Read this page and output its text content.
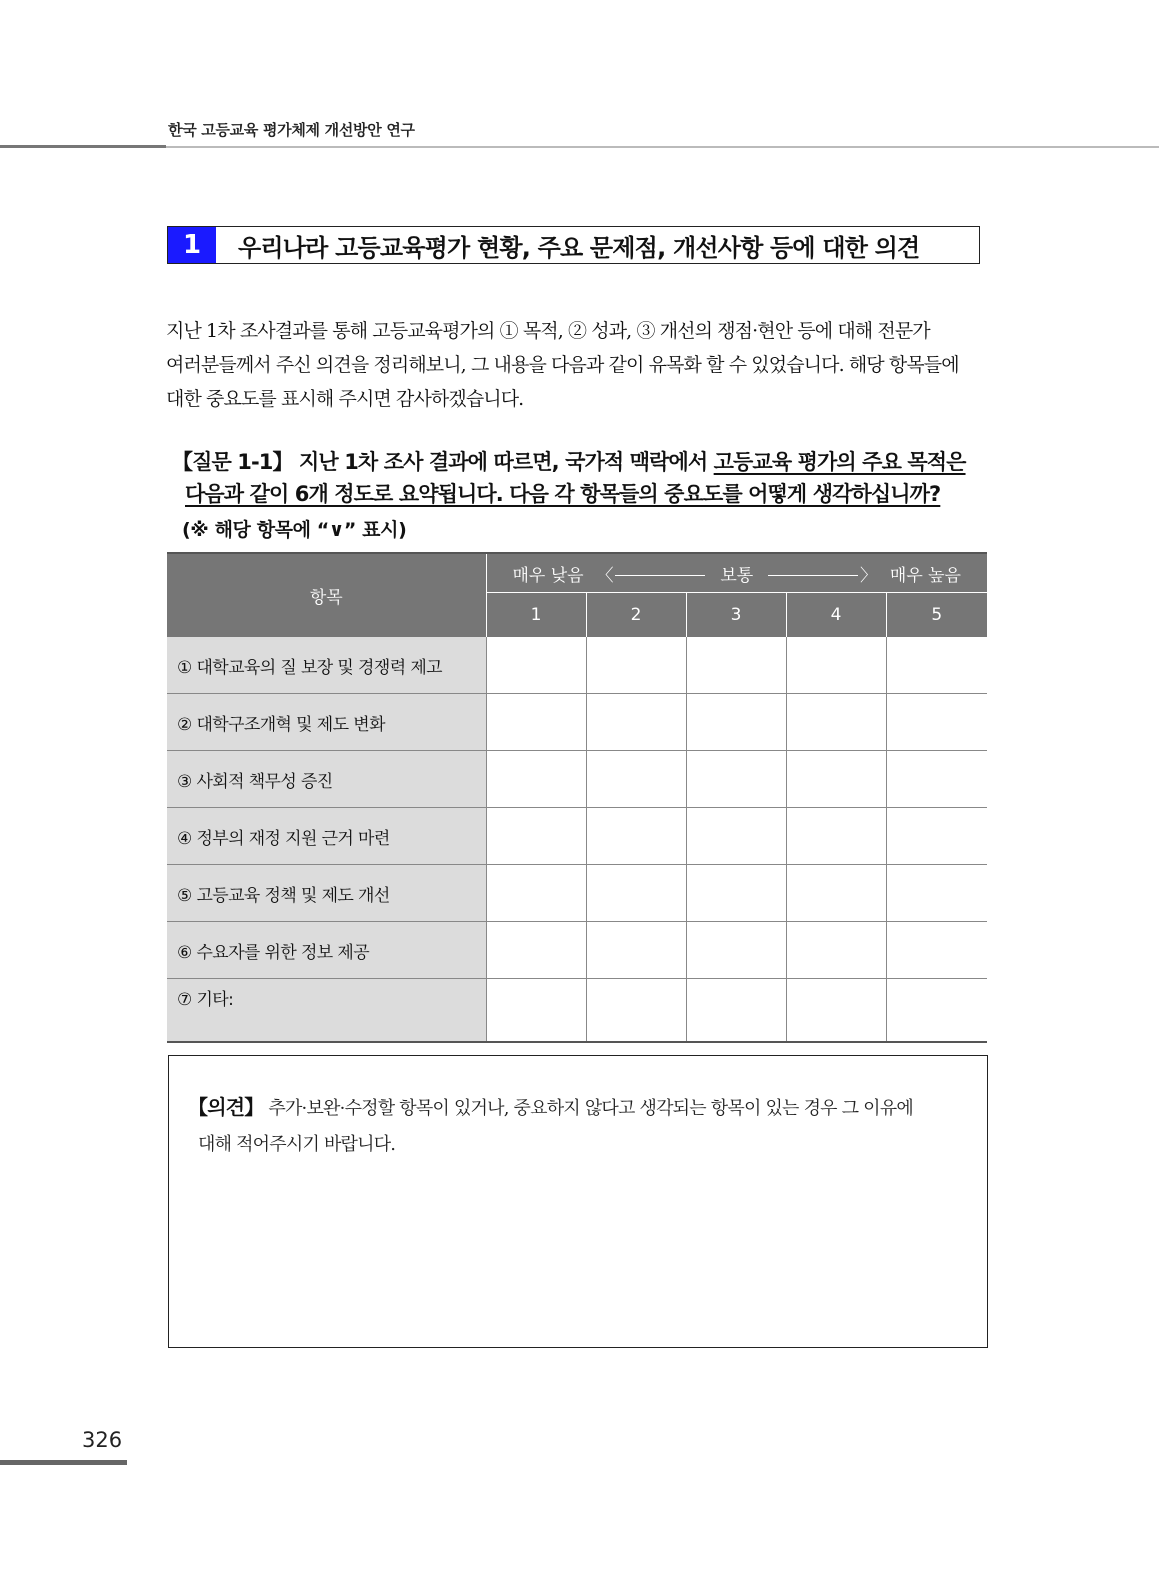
한국 고등교육 평가체제 개선방안 연구
1	우리나라 고등교육평가 현황, 주요 문제점, 개선사항 등에 대한 의견

지난 1차 조사결과를 통해 고등교육평가의 ① 목적, ② 성과, ③ 개선의 쟁점·현안 등에 대해 전문가

여러분들께서 주신 의견을 정리해보니, 그 내용을 다음과 같이 유목화 할 수 있었습니다. 해당 항목들에

대한 중요도를 표시해 주시면 감사하겠습니다.

【질문 1-1】 지난 1차 조사 결과에 따르면, 국가적 맥락에서 고등교육 평가의 주요 목적은
다음과 같이 6개 정도로 요약됩니다. 다음 각 항목들의 중요도를 어떻게 생각하십니까?
(※ 해당 항목에 “∨” 표시)
항목	매우 낮음 〈 보통 〉 매우 높음				

	1	2	3	4	5
① 대학교육의 질 보장 및 경쟁력 제고					
② 대학구조개혁 및 제도 변화					
③ 사회적 책무성 증진					
④ 정부의 재정 지원 근거 마련					
⑤ 고등교육 정책 및 제도 개선					
⑥ 수요자를 위한 정보 제공					
⑦ 기타:					
【의견】 추가·보완·수정할 항목이 있거나, 중요하지 않다고 생각되는 항목이 있는 경우 그 이유에
대해 적어주시기 바랍니다.
326
